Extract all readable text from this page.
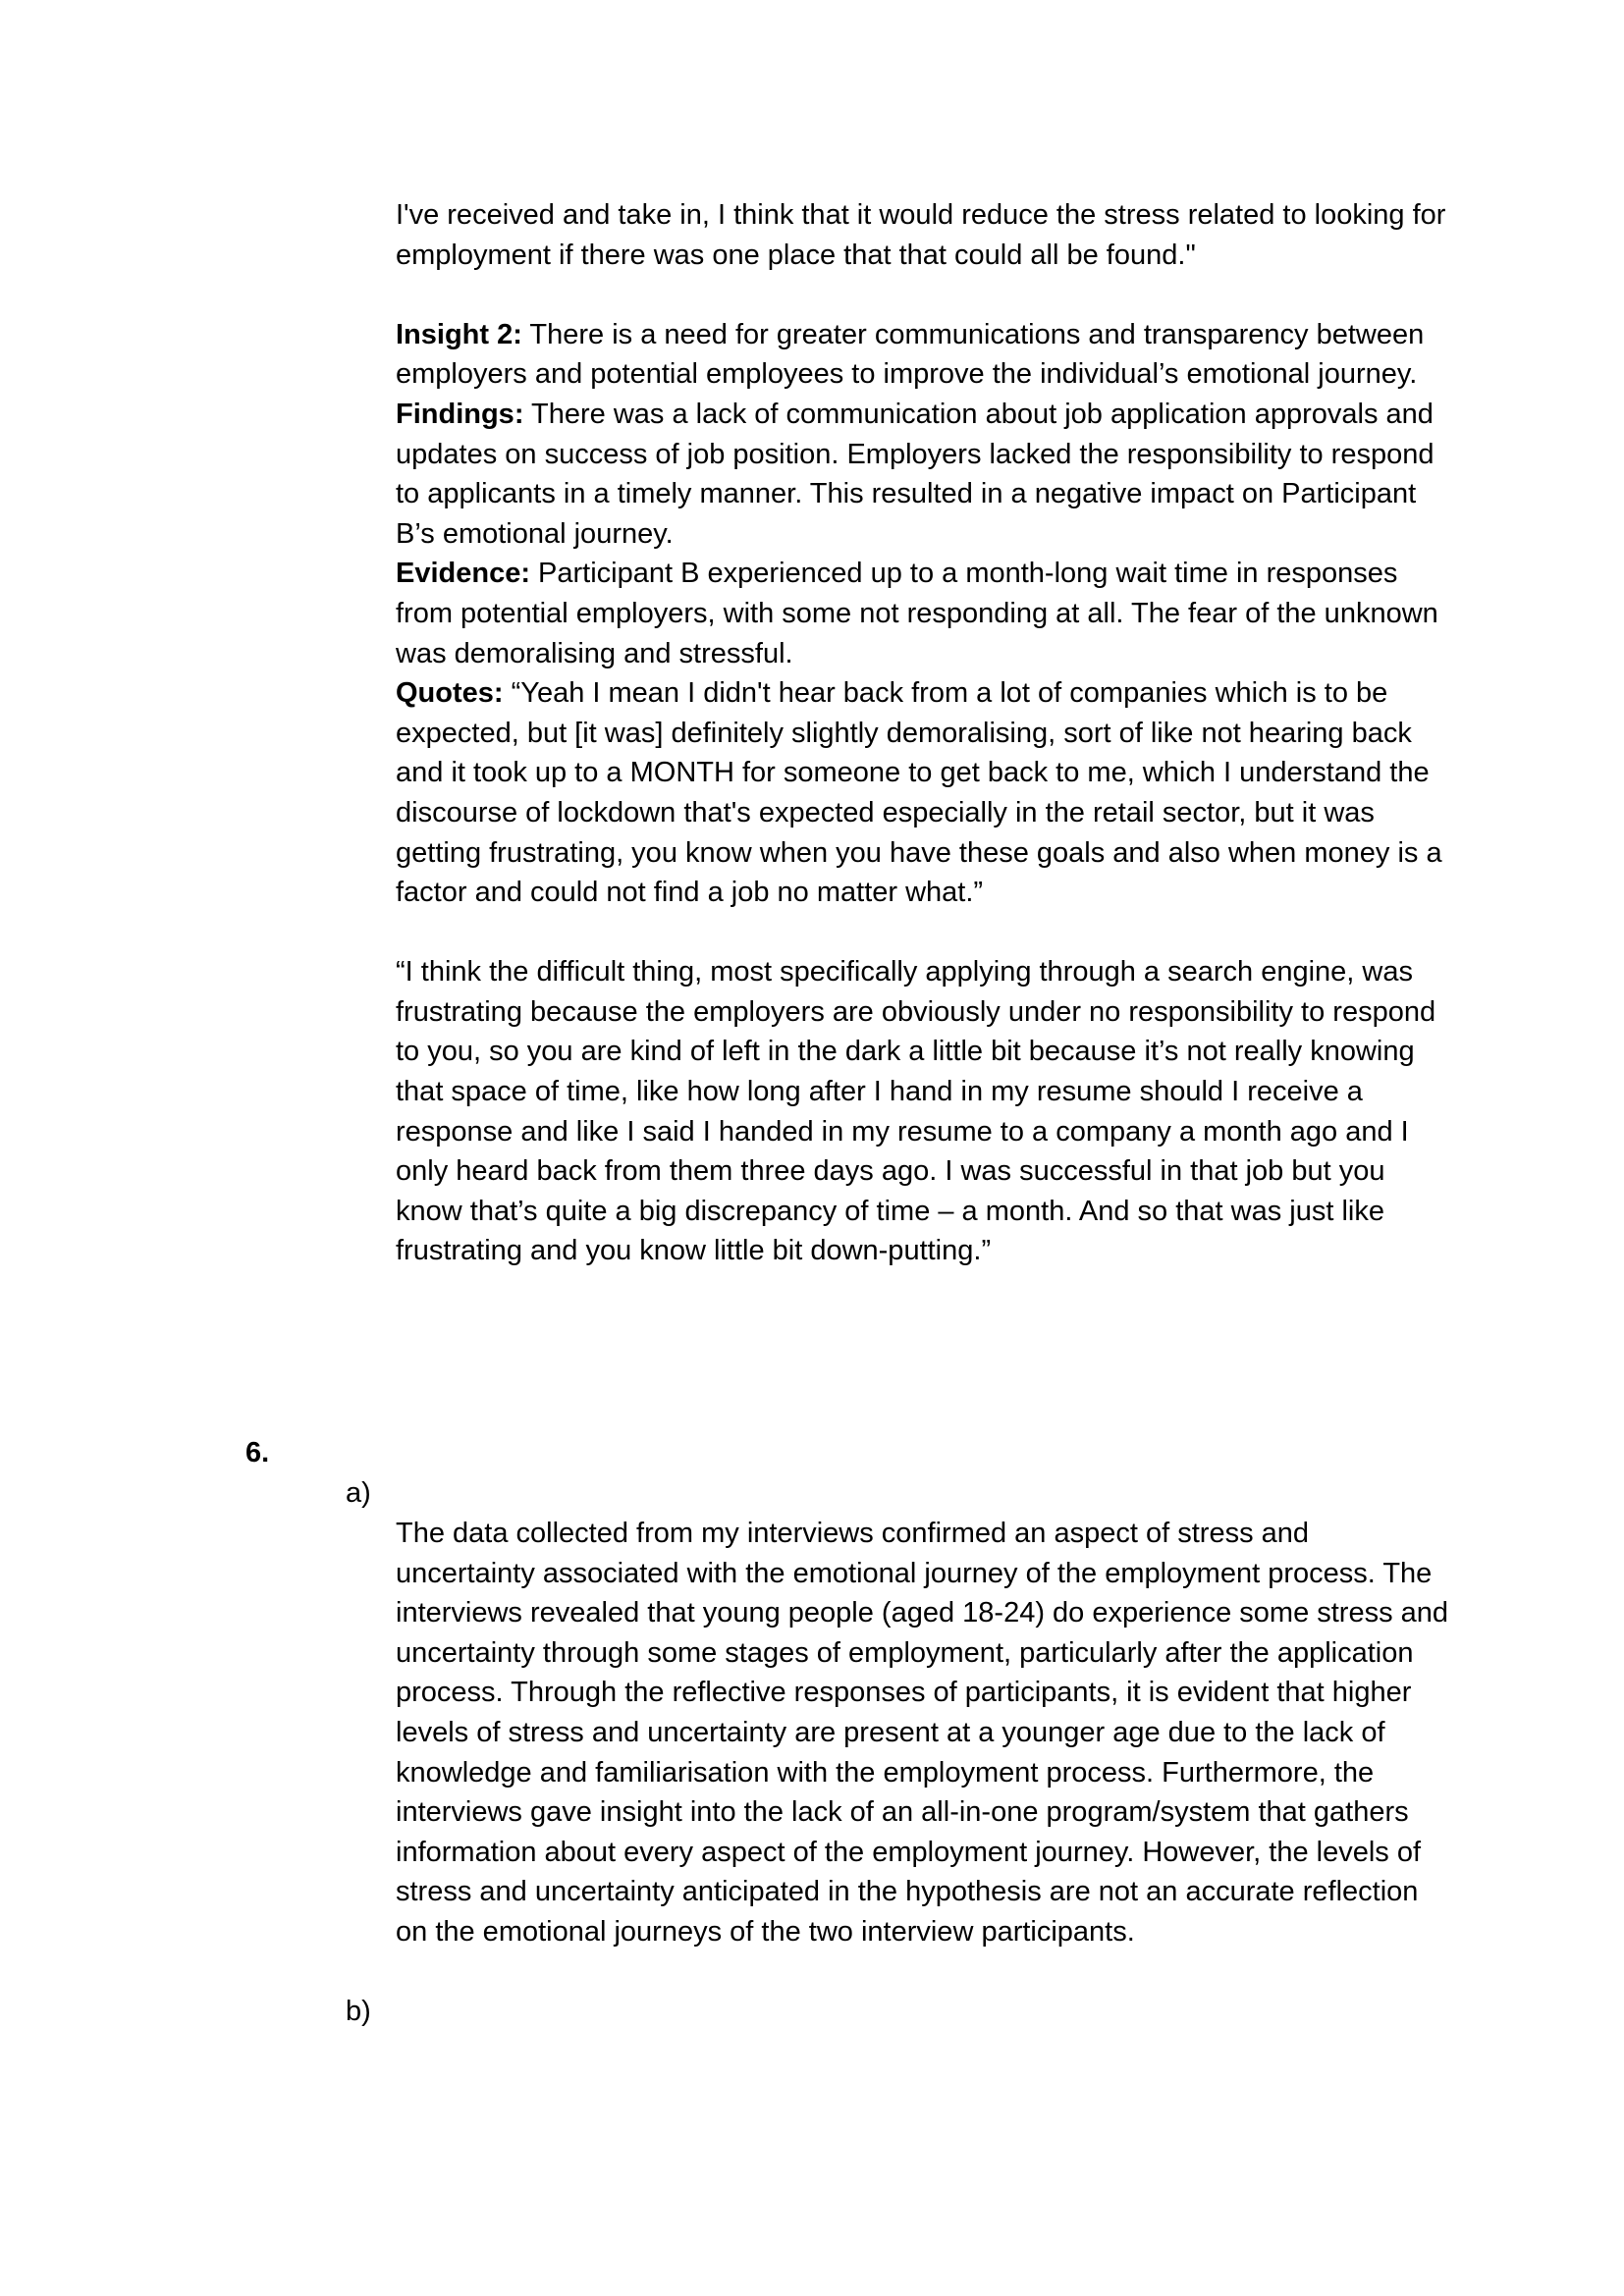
I've received and take in, I think that it would reduce the stress related to looking for employment if there was one place that that could all be found."

Insight 2: There is a need for greater communications and transparency between employers and potential employees to improve the individual’s emotional journey.

Findings: There was a lack of communication about job application approvals and updates on success of job position. Employers lacked the responsibility to respond to applicants in a timely manner. This resulted in a negative impact on Participant B’s emotional journey.

Evidence: Participant B experienced up to a month-long wait time in responses from potential employers, with some not responding at all. The fear of the unknown was demoralising and stressful.

Quotes: “Yeah I mean I didn't hear back from a lot of companies which is to be expected, but [it was] definitely slightly demoralising, sort of like not hearing back and it took up to a MONTH for someone to get back to me, which I understand the discourse of lockdown that's expected especially in the retail sector, but it was getting frustrating, you know when you have these goals and also when money is a factor and could not find a job no matter what.”

“I think the difficult thing, most specifically applying through a search engine, was frustrating because the employers are obviously under no responsibility to respond to you, so you are kind of left in the dark a little bit because it’s not really knowing that space of time, like how long after I hand in my resume should I receive a response and like I said I handed in my resume to a company a month ago and I only heard back from them three days ago. I was successful in that job but you know that’s quite a big discrepancy of time – a month. And so that was just like frustrating and you know little bit down-putting.”

6.
a)

The data collected from my interviews confirmed an aspect of stress and uncertainty associated with the emotional journey of the employment process. The interviews revealed that young people (aged 18-24) do experience some stress and uncertainty through some stages of employment, particularly after the application process. Through the reflective responses of participants, it is evident that higher levels of stress and uncertainty are present at a younger age due to the lack of knowledge and familiarisation with the employment process. Furthermore, the interviews gave insight into the lack of an all-in-one program/system that gathers information about every aspect of the employment journey. However, the levels of stress and uncertainty anticipated in the hypothesis are not an accurate reflection on the emotional journeys of the two interview participants.

b)
